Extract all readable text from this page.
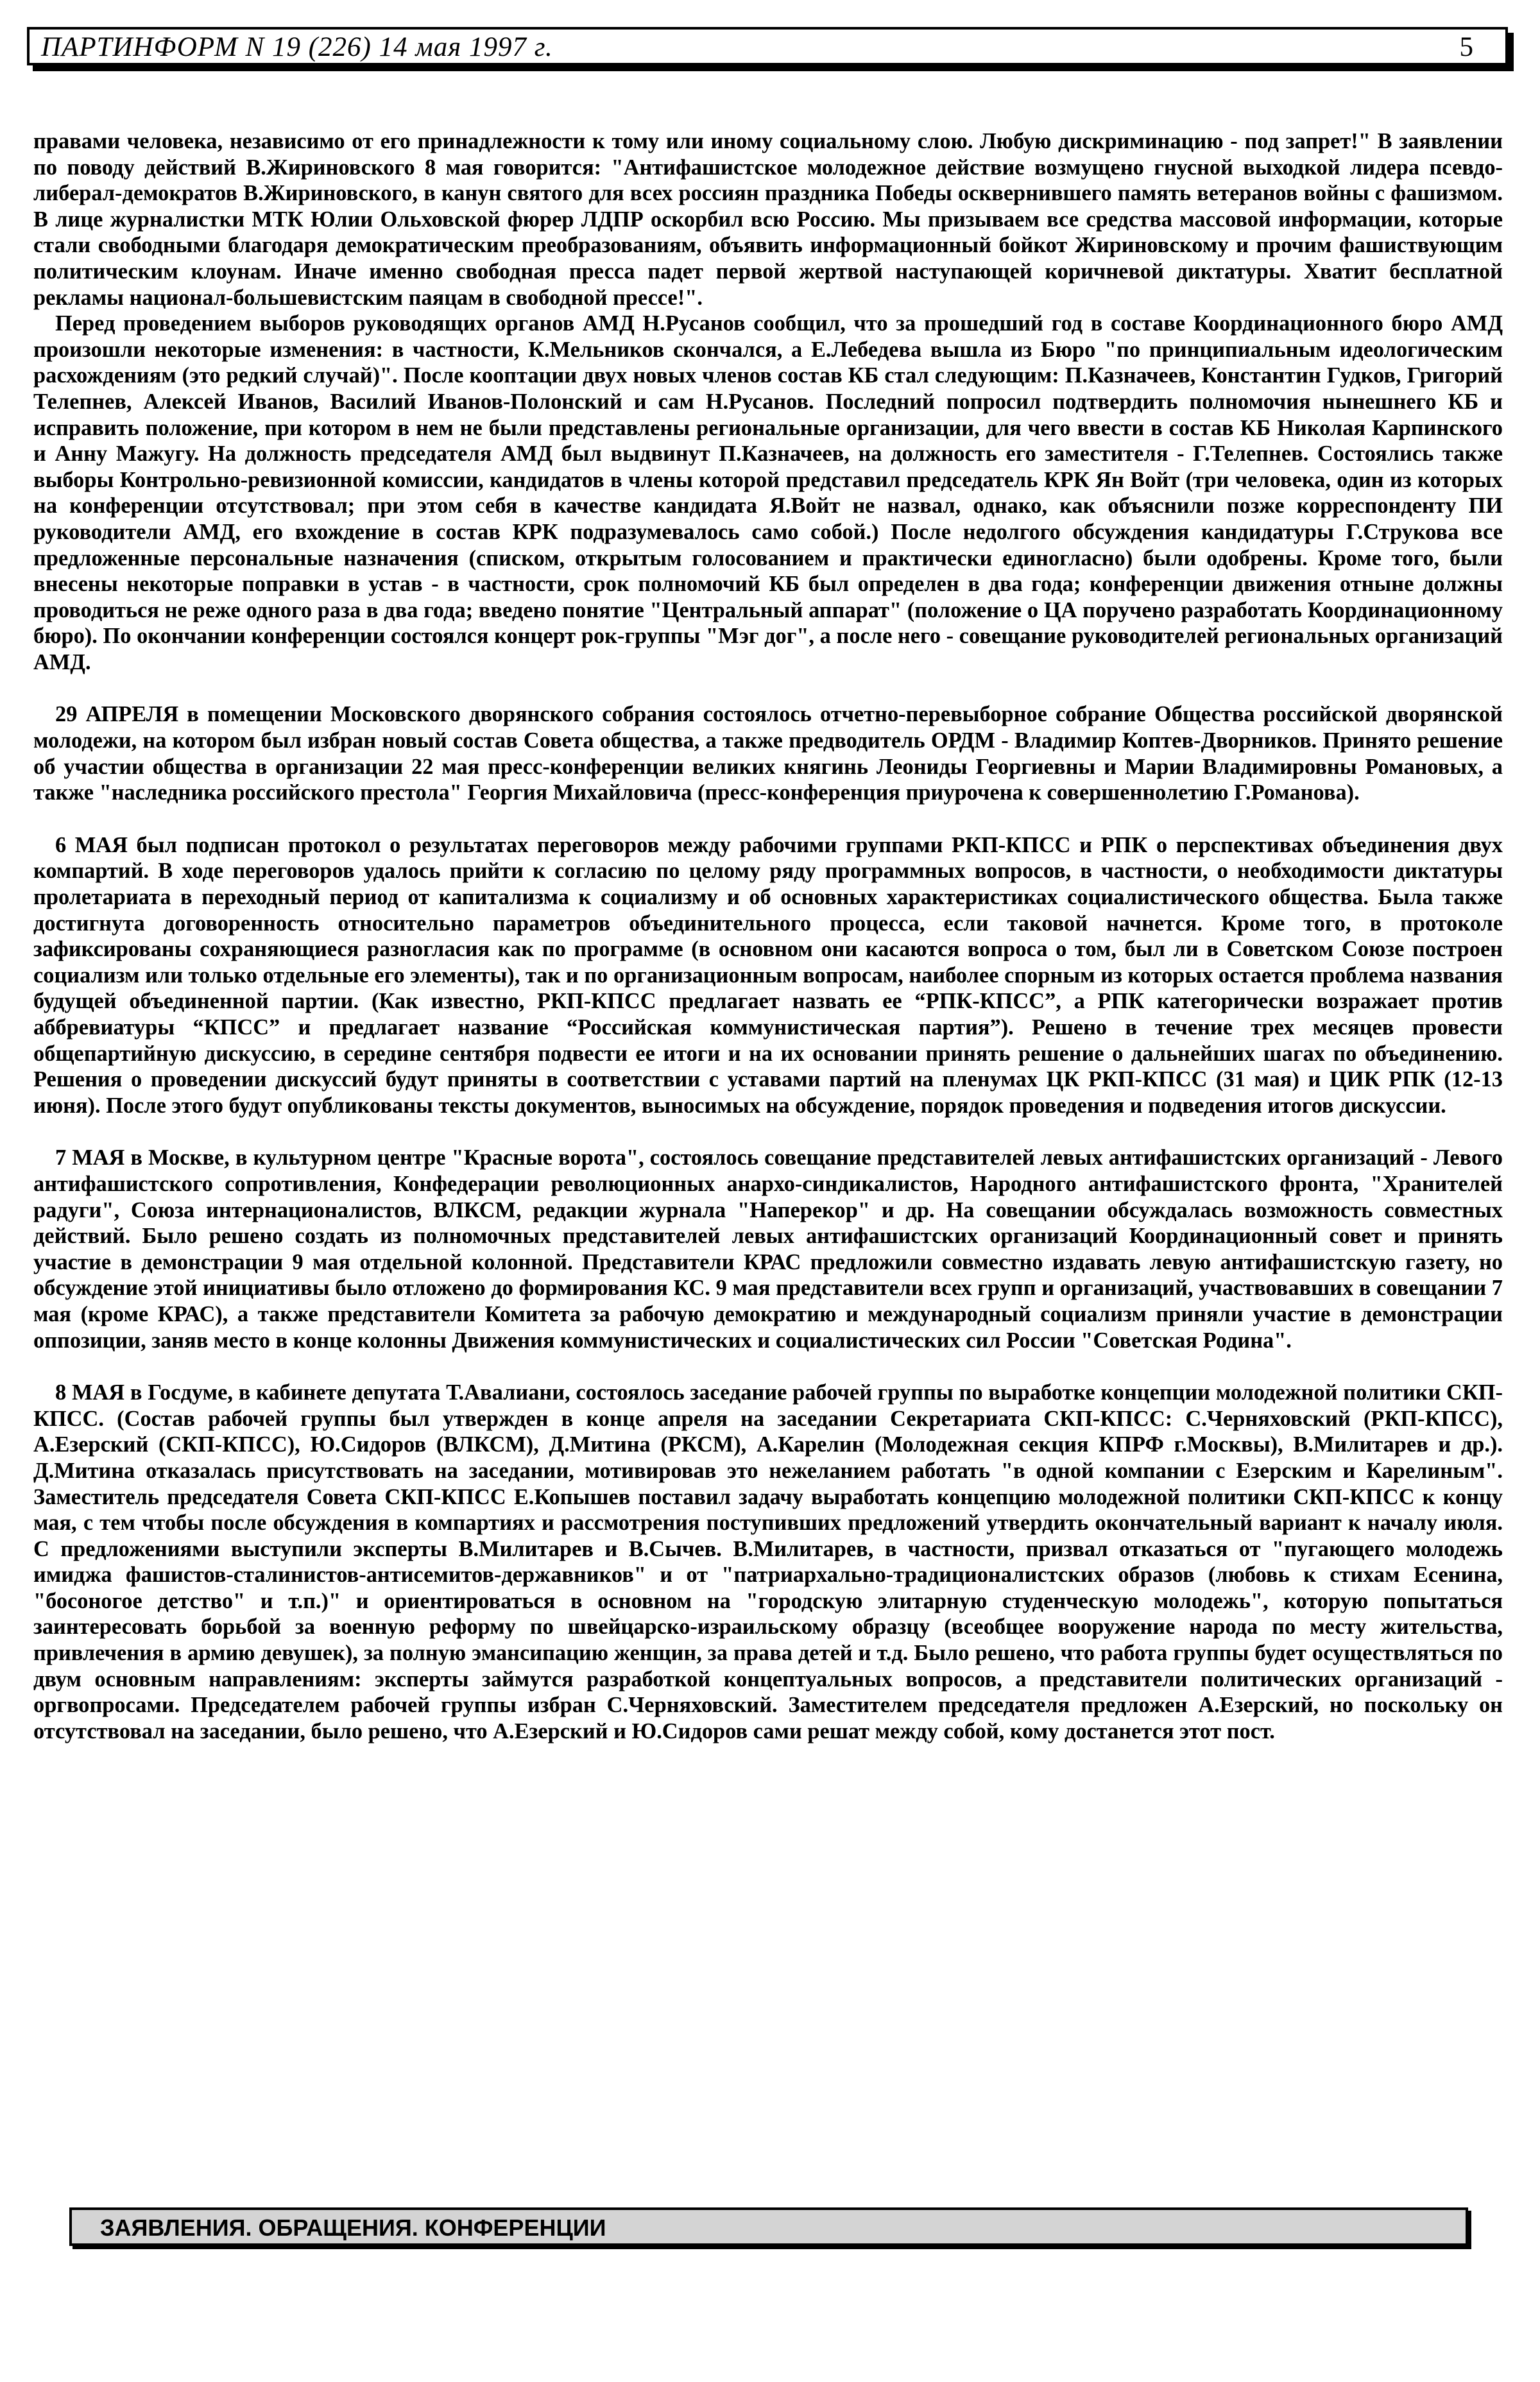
ПАРТИНФОРМ N 19 (226) 14 мая 1997 г.	5

правами человека, независимо от его принадлежности к тому или иному социальному слою. Любую дискриминацию - под запрет!" В заявлении по поводу действий В.Жириновского 8 мая говорится: "Антифашистское молодежное действие возмущено гнусной выходкой лидера псевдо-либерал-демократов В.Жириновского, в канун святого для всех россиян праздника Победы осквернившего память ветеранов войны с фашизмом. В лице журналистки МТК Юлии Ольховской фюрер ЛДПР оскорбил всю Россию. Мы призываем все средства массовой информации, которые стали свободными благодаря демократическим преобразованиям, объявить информационный бойкот Жириновскому и прочим фашиствующим политическим клоунам. Иначе именно свободная пресса падет первой жертвой наступающей коричневой диктатуры. Хватит бесплатной рекламы национал-большевистским паяцам в свободной прессе!".

Перед проведением выборов руководящих органов АМД Н.Русанов сообщил, что за прошедший год в составе Координационного бюро АМД произошли некоторые изменения: в частности, К.Мельников скончался, а Е.Лебедева вышла из Бюро "по принципиальным идеологическим расхождениям (это редкий случай)". После кооптации двух новых членов состав КБ стал следующим: П.Казначеев, Константин Гудков, Григорий Телепнев, Алексей Иванов, Василий Иванов-Полонский и сам Н.Русанов. Последний попросил подтвердить полномочия нынешнего КБ и исправить положение, при котором в нем не были представлены региональные организации, для чего ввести в состав КБ Николая Карпинского и Анну Мажугу. На должность председателя АМД был выдвинут П.Казначеев, на должность его заместителя - Г.Телепнев. Состоялись также выборы Контрольно-ревизионной комиссии, кандидатов в члены которой представил председатель КРК Ян Войт (три человека, один из которых на конференции отсутствовал; при этом себя в качестве кандидата Я.Войт не назвал, однако, как объяснили позже корреспонденту ПИ руководители АМД, его вхождение в состав КРК подразумевалось само собой.) После недолгого обсуждения кандидатуры Г.Струкова все предложенные персональные назначения (списком, открытым голосованием и практически единогласно) были одобрены. Кроме того, были внесены некоторые поправки в устав - в частности, срок полномочий КБ был определен в два года; конференции движения отныне должны проводиться не реже одного раза в два года; введено понятие "Центральный аппарат" (положение о ЦА поручено разработать Координационному бюро). По окончании конференции состоялся концерт рок-группы "Мэг дог", а после него - совещание руководителей региональных организаций АМД.

29 АПРЕЛЯ в помещении Московского дворянского собрания состоялось отчетно-перевыборное собрание Общества российской дворянской молодежи, на котором был избран новый состав Совета общества, а также предводитель ОРДМ - Владимир Коптев-Дворников. Принято решение об участии общества в организации 22 мая пресс-конференции великих княгинь Леониды Георгиевны и Марии Владимировны Романовых, а также "наследника российского престола" Георгия Михайловича (пресс-конференция приурочена к совершеннолетию Г.Романова).

6 МАЯ был подписан протокол о результатах переговоров между рабочими группами РКП-КПСС и РПК о перспективах объединения двух компартий. В ходе переговоров удалось прийти к согласию по целому ряду программных вопросов, в частности, о необходимости диктатуры пролетариата в переходный период от капитализма к социализму и об основных характеристиках социалистического общества. Была также достигнута договоренность относительно параметров объединительного процесса, если таковой начнется. Кроме того, в протоколе зафиксированы сохраняющиеся разногласия как по программе (в основном они касаются вопроса о том, был ли в Советском Союзе построен социализм или только отдельные его элементы), так и по организационным вопросам, наиболее спорным из которых остается проблема названия будущей объединенной партии. (Как известно, РКП-КПСС предлагает назвать ее “РПК-КПСС”, а РПК категорически возражает против аббревиатуры “КПСС” и предлагает название “Российская коммунистическая партия”). Решено в течение трех месяцев провести общепартийную дискуссию, в середине сентября подвести ее итоги и на их основании принять решение о дальнейших шагах по объединению. Решения о проведении дискуссий будут приняты в соответствии с уставами партий на пленумах ЦК РКП-КПСС (31 мая) и ЦИК РПК (12-13 июня). После этого будут опубликованы тексты документов, выносимых на обсуждение, порядок проведения и подведения итогов дискуссии.

7 МАЯ в Москве, в культурном центре "Красные ворота", состоялось совещание представителей левых антифашистских организаций - Левого антифашистского сопротивления, Конфедерации революционных анархо-синдикалистов, Народного антифашистского фронта, "Хранителей радуги", Союза интернационалистов, ВЛКСМ, редакции журнала "Наперекор" и др. На совещании обсуждалась возможность совместных действий. Было решено создать из полномочных представителей левых антифашистских организаций Координационный совет и принять участие в демонстрации 9 мая отдельной колонной. Представители КРАС предложили совместно издавать левую антифашистскую газету, но обсуждение этой инициативы было отложено до формирования КС. 9 мая представители всех групп и организаций, участвовавших в совещании 7 мая (кроме КРАС), а также представители Комитета за рабочую демократию и международный социализм приняли участие в демонстрации оппозиции, заняв место в конце колонны Движения коммунистических и социалистических сил России "Советская Родина".

8 МАЯ в Госдуме, в кабинете депутата Т.Авалиани, состоялось заседание рабочей группы по выработке концепции молодежной политики СКП-КПСС. (Состав рабочей группы был утвержден в конце апреля на заседании Секретариата СКП-КПСС: С.Черняховский (РКП-КПСС), А.Езерский (СКП-КПСС), Ю.Сидоров (ВЛКСМ), Д.Митина (РКСМ), А.Карелин (Молодежная секция КПРФ г.Москвы), В.Милитарев и др.). Д.Митина отказалась присутствовать на заседании, мотивировав это нежеланием работать "в одной компании с Езерским и Карелиным". Заместитель председателя Совета СКП-КПСС Е.Копышев поставил задачу выработать концепцию молодежной политики СКП-КПСС к концу мая, с тем чтобы после обсуждения в компартиях и рассмотрения поступивших предложений утвердить окончательный вариант к началу июля. С предложениями выступили эксперты В.Милитарев и В.Сычев. В.Милитарев, в частности, призвал отказаться от "пугающего молодежь имиджа фашистов-сталинистов-антисемитов-державников" и от "патриархально-традиционалистских образов (любовь к стихам Есенина, "босоногое детство" и т.п.)" и ориентироваться в основном на "городскую элитарную студенческую молодежь", которую попытаться заинтересовать борьбой за военную реформу по швейцарско-израильскому образцу (всеобщее вооружение народа по месту жительства, привлечения в армию девушек), за полную эмансипацию женщин, за права детей и т.д. Было решено, что работа группы будет осуществляться по двум основным направлениям: эксперты займутся разработкой концептуальных вопросов, а представители политических организаций - оргвопросами. Председателем рабочей группы избран С.Черняховский. Заместителем председателя предложен А.Езерский, но поскольку он отсутствовал на заседании, было решено, что А.Езерский и Ю.Сидоров сами решат между собой, кому достанется этот пост.

ЗАЯВЛЕНИЯ. ОБРАЩЕНИЯ. КОНФЕРЕНЦИИ
